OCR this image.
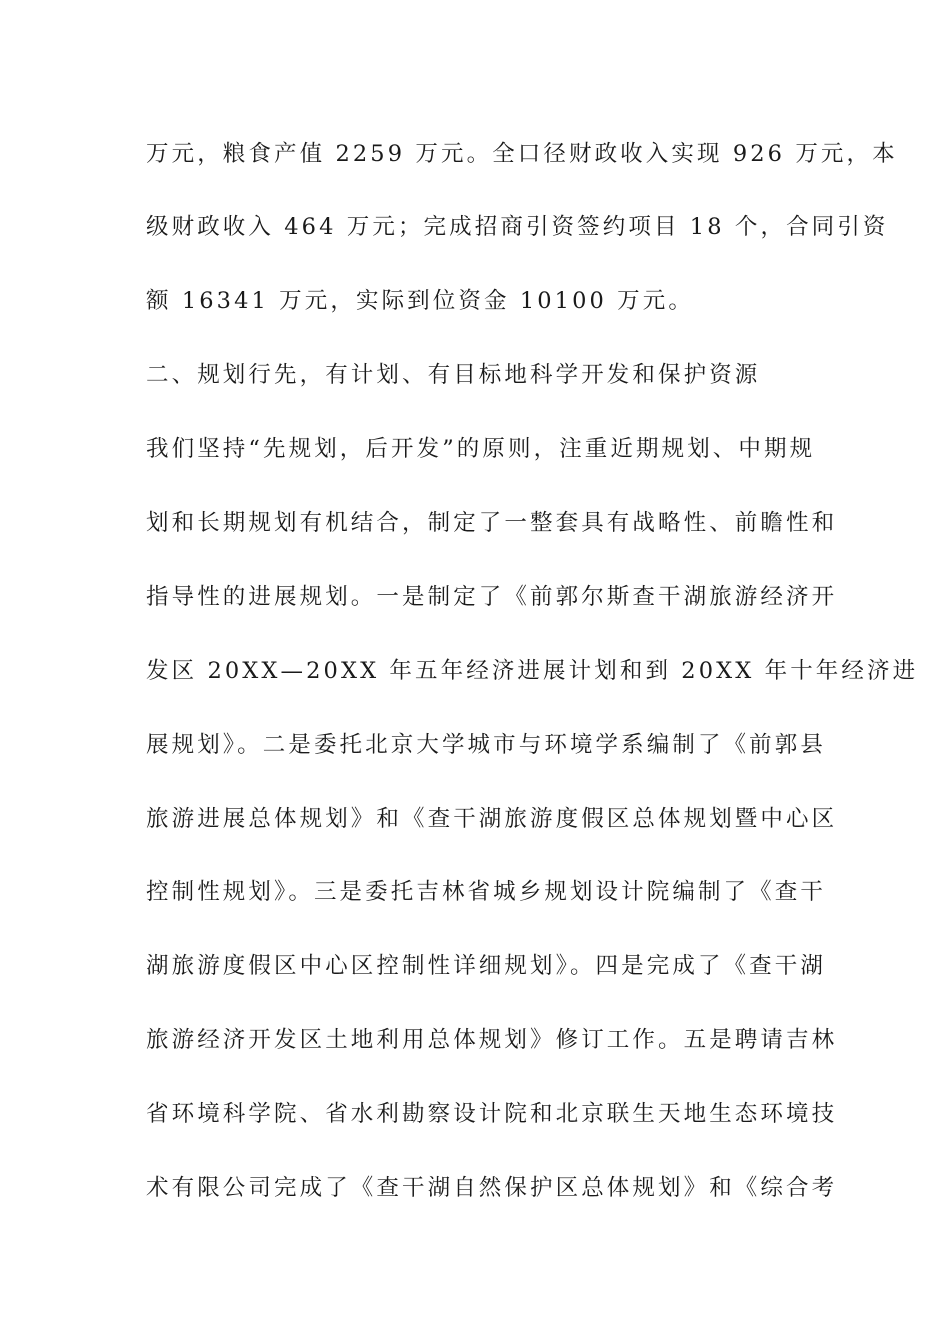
万元，粮食产值 2259 万元。全口径财政收入实现 926 万元，本
级财政收入 464 万元；完成招商引资签约项目 18 个，合同引资
额 16341 万元，实际到位资金 10100 万元。
二、规划行先，有计划、有目标地科学开发和保护资源
我们坚持“先规划，后开发”的原则，注重近期规划、中期规
划和长期规划有机结合，制定了一整套具有战略性、前瞻性和
指导性的进展规划。一是制定了《前郭尔斯查干湖旅游经济开
发区 20XX—20XX 年五年经济进展计划和到 20XX 年十年经济进
展规划》。二是委托北京大学城市与环境学系编制了《前郭县
旅游进展总体规划》和《查干湖旅游度假区总体规划暨中心区
控制性规划》。三是委托吉林省城乡规划设计院编制了《查干
湖旅游度假区中心区控制性详细规划》。四是完成了《查干湖
旅游经济开发区土地利用总体规划》修订工作。五是聘请吉林
省环境科学院、省水利勘察设计院和北京联生天地生态环境技
术有限公司完成了《查干湖自然保护区总体规划》和《综合考
